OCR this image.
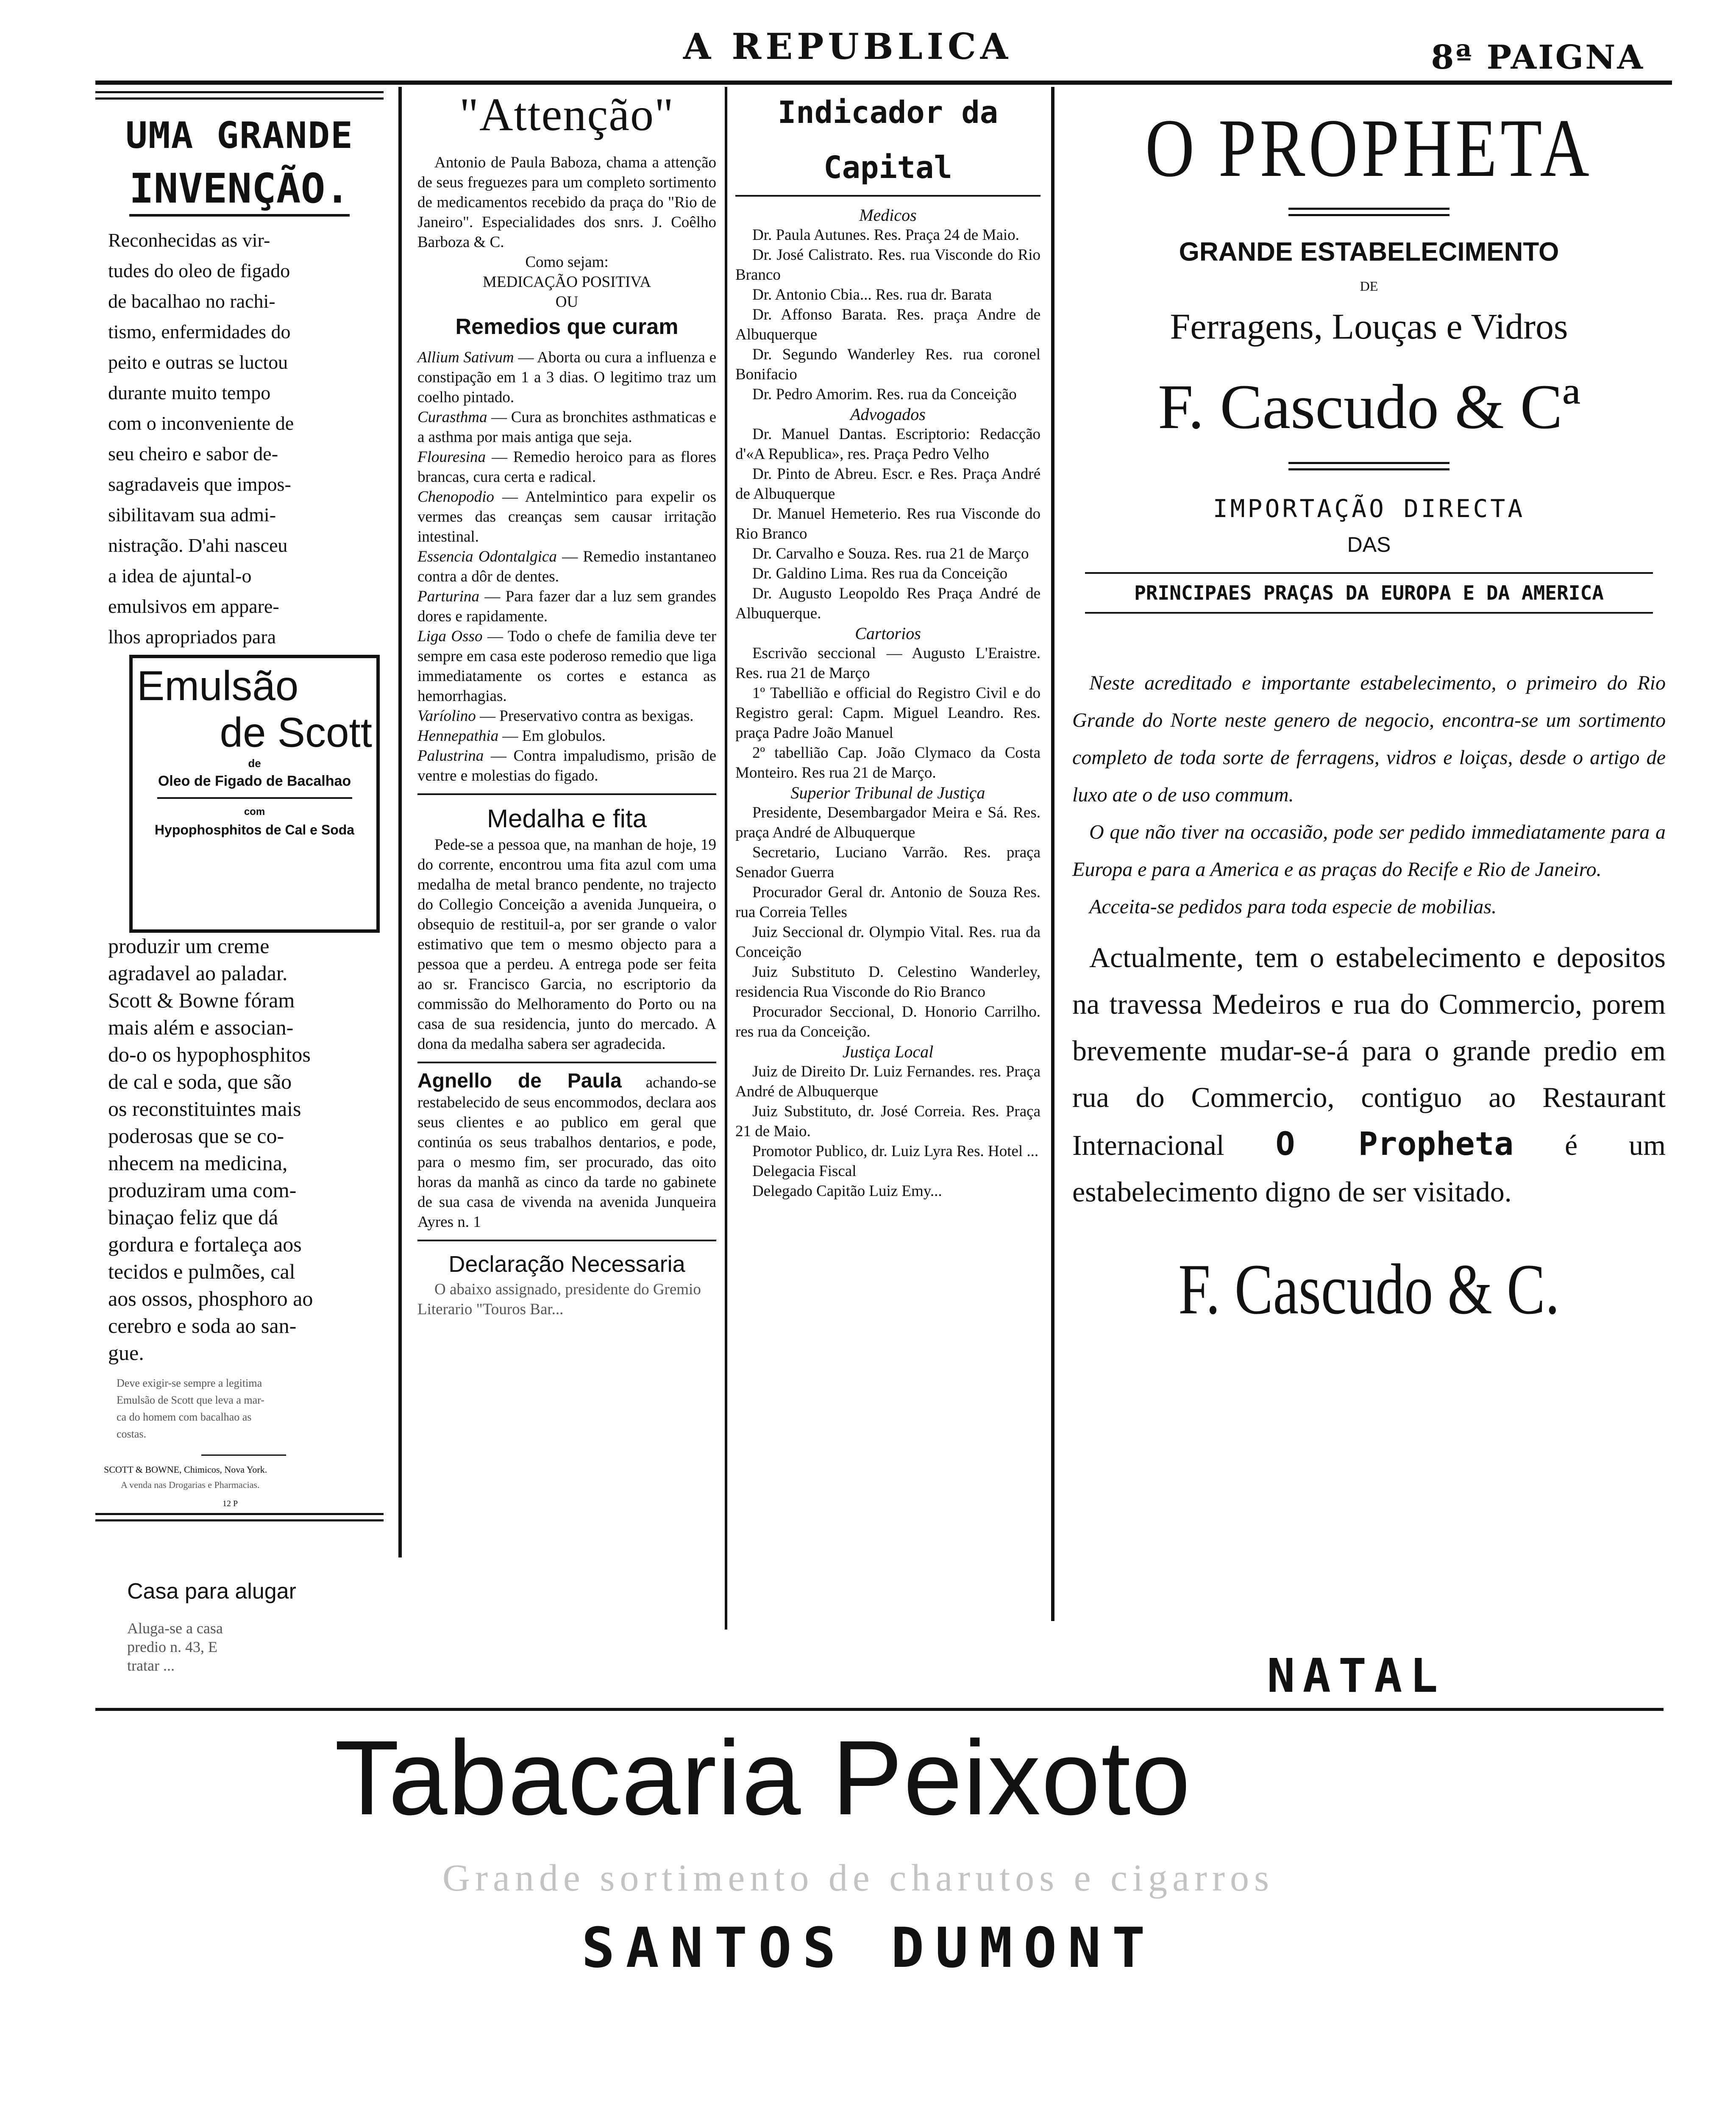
A REPUBLICA	8ª PAIGNA
UMA GRANDE
INVENÇÃO.
Reconhecidas as vir-
tudes do oleo de figado
de bacalhao no rachi-
tismo, enfermidades do
peito e outras se luctou
durante muito tempo
com o inconveniente de
seu cheiro e sabor de-
sagradaveis que impos-
sibilitavam sua admi-
nistração. D'ahi nasceu
a idea de ajuntal-o
emulsivos em appare-
lhos apropriados para
Emulsão
de Scott
de
Oleo de Figado de Bacalhao
com
Hypophosphitos de Cal e Soda
produzir um creme
agradavel ao paladar.
Scott & Bowne fóram
mais além e associan-
do-o os hypophosphitos
de cal e soda, que são
os reconstituintes mais
poderosas que se co-
nhecem na medicina,
produziram uma com-
binaçao feliz que dá
gordura e fortaleça aos
tecidos e pulmões, cal
aos ossos, phosphoro ao
cerebro e soda ao san-
gue.
Deve exigir-se sempre a legitima
Emulsão de Scott que leva a mar-
ca do homem com bacalhao as
costas.
SCOTT & BOWNE, Chimicos, Nova York.
A venda nas Drogarias e Pharmacias.
12 P
Casa para alugar
Aluga-se a casa
predio n. 43, E
tratar ...
"Attenção"

Antonio de Paula Baboza, chama a attenção de seus freguezes para um completo sortimento de medicamentos recebido da praça do "Rio de Janeiro". Especialidades dos snrs. J. Coêlho Barboza & C.

Como sejam:

MEDICAÇÃO POSITIVA

OU

Remedios que curam

Allium Sativum — Aborta ou cura a influenza e constipação em 1 a 3 dias. O legitimo traz um coelho pintado.

Curasthma — Cura as bronchites asthmaticas e a asthma por mais antiga que seja.

Flouresina — Remedio heroico para as flores brancas, cura certa e radical.

Chenopodio — Antelmintico para expelir os vermes das creanças sem causar irritação intestinal.

Essencia Odontalgica — Remedio instantaneo contra a dôr de dentes.

Parturina — Para fazer dar a luz sem grandes dores e rapidamente.

Liga Osso — Todo o chefe de familia deve ter sempre em casa este poderoso remedio que liga immediatamente os cortes e estanca as hemorrhagias.

Varíolino — Preservativo contra as bexigas.

Hennepathia — Em globulos.

Palustrina — Contra impaludismo, prisão de ventre e molestias do figado.

Medalha e fita

Pede-se a pessoa que, na manhan de hoje, 19 do corrente, encontrou uma fita azul com uma medalha de metal branco pendente, no trajecto do Collegio Conceição a avenida Junqueira, o obsequio de restituil-a, por ser grande o valor estimativo que tem o mesmo objecto para a pessoa que a perdeu. A entrega pode ser feita ao sr. Francisco Garcia, no escriptorio da commissão do Melhoramento do Porto ou na casa de sua residencia, junto do mercado. A dona da medalha sabera ser agradecida.

Agnello de Paula achando-se restabelecido de seus encommodos, declara aos seus clientes e ao publico em geral que continúa os seus trabalhos dentarios, e pode, para o mesmo fim, ser procurado, das oito horas da manhã as cinco da tarde no gabinete de sua casa de vivenda na avenida Junqueira Ayres n. 1

Declaração Necessaria

O abaixo assignado, presidente do Gremio Literario "Touros Bar...

Indicador da Capital
Medicos

Dr. Paula Autunes. Res. Praça 24 de Maio.

Dr. José Calistrato. Res. rua Visconde do Rio Branco

Dr. Antonio Cbia... Res. rua dr. Barata

Dr. Affonso Barata. Res. praça Andre de Albuquerque

Dr. Segundo Wanderley Res. rua coronel Bonifacio

Dr. Pedro Amorim. Res. rua da Conceição

Advogados

Dr. Manuel Dantas. Escriptorio: Redacção d'«A Republica», res. Praça Pedro Velho

Dr. Pinto de Abreu. Escr. e Res. Praça André de Albuquerque

Dr. Manuel Hemeterio. Res rua Visconde do Rio Branco

Dr. Carvalho e Souza. Res. rua 21 de Março

Dr. Galdino Lima. Res rua da Conceição

Dr. Augusto Leopoldo Res Praça André de Albuquerque.

Cartorios

Escrivão seccional — Augusto L'Eraistre. Res. rua 21 de Março

1º Tabellião e official do Registro Civil e do Registro geral: Capm. Miguel Leandro. Res. praça Padre João Manuel

2º tabellião Cap. João Clymaco da Costa Monteiro. Res rua 21 de Março.

Superior Tribunal de Justiça

Presidente, Desembargador Meira e Sá. Res. praça André de Albuquerque

Secretario, Luciano Varrão. Res. praça Senador Guerra

Procurador Geral dr. Antonio de Souza Res. rua Correia Telles

Juiz Seccional dr. Olympio Vital. Res. rua da Conceição

Juiz Substituto D. Celestino Wanderley, residencia Rua Visconde do Rio Branco

Procurador Seccional, D. Honorio Carrilho. res rua da Conceição.

Justiça Local

Juiz de Direito Dr. Luiz Fernandes. res. Praça André de Albuquerque

Juiz Substituto, dr. José Correia. Res. Praça 21 de Maio.

Promotor Publico, dr. Luiz Lyra Res. Hotel ...

Delegacia Fiscal

Delegado Capitão Luiz Emy...

O PROPHETA
GRANDE ESTABELECIMENTO
DE
Ferragens, Louças e Vidros
F. Cascudo & Cª
IMPORTAÇÃO DIRECTA
DAS
PRINCIPAES PRAÇAS DA EUROPA E DA AMERICA
Neste acreditado e importante estabelecimento, o primeiro do Rio Grande do Norte neste genero de negocio, encontra-se um sortimento completo de toda sorte de ferragens, vidros e loiças, desde o artigo de luxo ate o de uso commum.
O que não tiver na occasião, pode ser pedido immediatamente para a Europa e para a America e as praças do Recife e Rio de Janeiro.
Acceita-se pedidos para toda especie de mobilias.
Actualmente, tem o estabelecimento e depositos na travessa Medeiros e rua do Commercio, porem brevemente mudar-se-á para o grande predio em rua do Commercio, contiguo ao Restaurant Internacional O Propheta é um estabelecimento digno de ser visitado.
F. Cascudo & C.
NATAL
Tabacaria Peixoto
Grande sortimento de charutos e cigarros
SANTOS DUMONT
